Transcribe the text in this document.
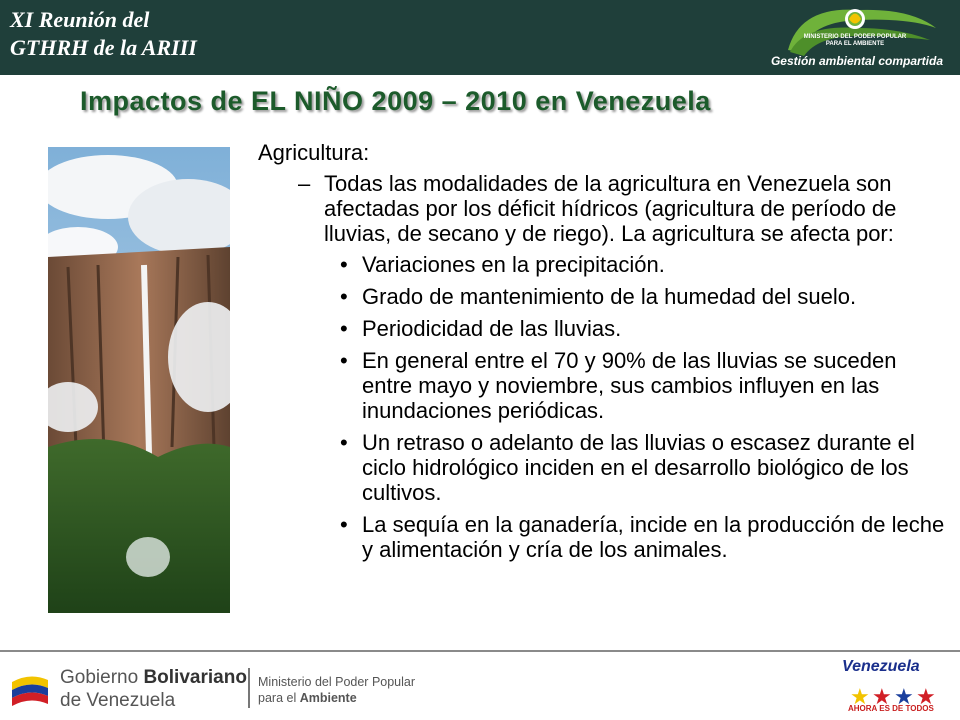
XI Reunión del
GTHRH de la ARIII	MINISTERIO DEL PODER POPULAR
PARA EL AMBIENTE
Gestión ambiental compartida
Impactos de EL NIÑO 2009 – 2010 en Venezuela
Agricultura:
– Todas las modalidades de la agricultura en Venezuela son afectadas por los déficit hídricos (agricultura de período de lluvias, de secano y de riego). La agricultura se afecta por:
• Variaciones en la precipitación.
• Grado de mantenimiento de la humedad del suelo.
• Periodicidad de las lluvias.
• En general entre el 70 y 90% de las lluvias se suceden entre mayo y noviembre, sus cambios influyen en las inundaciones periódicas.
• Un retraso o adelanto de las lluvias o escasez durante el ciclo hidrológico inciden en el desarrollo biológico de los cultivos.
• La sequía en la ganadería, incide en la producción de leche y alimentación y cría de los animales.
Gobierno Bolivariano
de Venezuela
Ministerio del Poder Popular
para el Ambiente	★ ★ ★ ★
Venezuela
AHORA ES DE TODOS
